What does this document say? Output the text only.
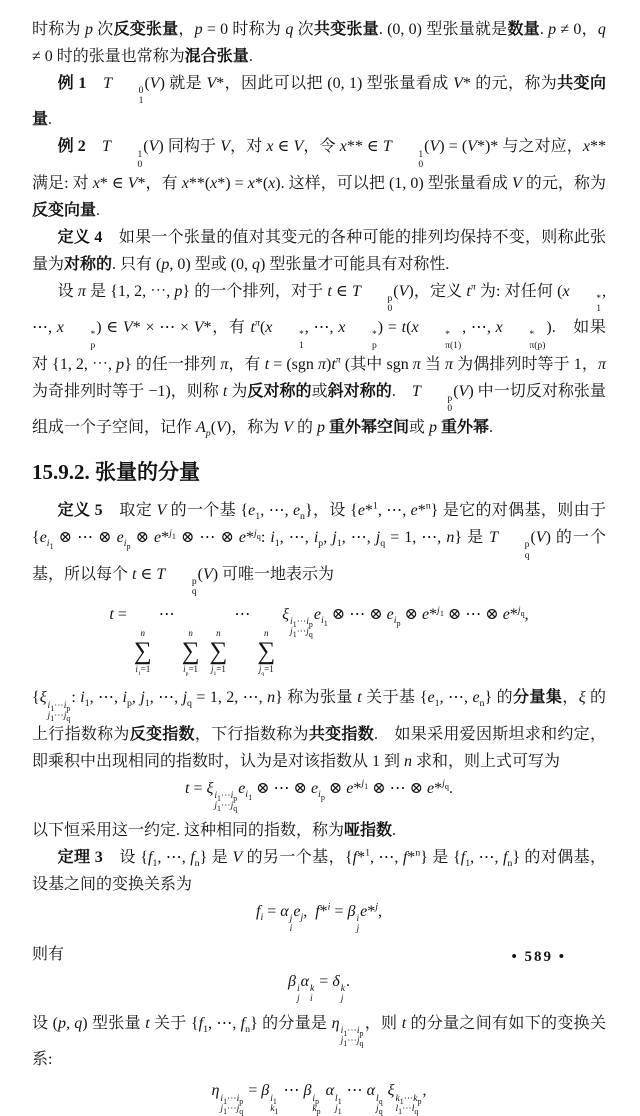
时称为 p 次反变张量，p = 0 时称为 q 次共变张量. (0, 0) 型张量就是数量. p ≠ 0，q ≠ 0 时的张量也常称为混合张量.
例 1　 T	0
1
(V) 就是 V*，因此可以把 (0, 1) 型张量看成 V* 的元，称为共变向量.
例 2　 T	1
0
(V) 同构于 V，对 x ∈ V，令 x** ∈ T	1
0
(V) = (V*)* 与之对应，x** 满足: 对 x* ∈ V*，有 x**(x*) = x*(x). 这样，可以把 (1, 0) 型张量看成 V 的元，称为反变向量.
定义 4　如果一个张量的值对其变元的各种可能的排列均保持不变，则称此张量为对称的. 只有 (p, 0) 型或 (0, q) 型张量才可能具有对称性.
设 π 是 {1, 2, ⋯, p} 的一个排列，对于 t ∈ T	p
0
(V)，定义 $t^\pi$ 为: 对任何 (x	*
1
, ⋯, x	*
p
) ∈ V* × ⋯ × V*，有 $t^\pi(x$	*
1
, ⋯, x	*
p
) = t(x	*
π(1)
, ⋯, x	*
π(p)
).　如果对 {1, 2, ⋯, p} 的任一排列 π，有 t = (sgn $\pi)t^\pi$ (其中 sgn π 当 π 为偶排列时等于 1，π 为奇排列时等于 −1)，则称 t 为反对称的或斜对称的.　T	p
0
(V) 中一切反对称张量组成一个子空间，记作 $A_p(V)$，称为 V 的 p 重外幂空间或 p 重外幂.
15.9.2. 张量的分量
定义 5　取定 V 的一个基 {$e_1$, ⋯, $e_n$}，设 {e*$^1$, ⋯, e*$^n$} 是它的对偶基，则由于 {$e_{i_1}$ ⊗ ⋯ ⊗ $e_{i_p}$ ⊗ e*$^{j_1}$ ⊗ ⋯ ⊗ e*$^{j_q}$: $i_1$, ⋯, $i_p$, $j_1$, ⋯, $j_q = 1$, ⋯, n} 是 T	p
q
(V) 的一个基，所以每个 t ∈ T	p
q
(V) 可唯一地表示为
t =
n
∑
$i_1=1$
⋯
n
∑
$i_p=1$

n
∑
$j_1=1$
⋯
n
∑
$j_q=1$
ξ $i_1\cdots i_p$
$j_1\cdots j_q$
$e_{i_1}$ ⊗ ⋯ ⊗ $e_{i_p}$ ⊗ e*$^{j_1}$ ⊗ ⋯ ⊗ e*$^{j_q}$,
{ξ $i_1\cdots i_p$
$j_1\cdots j_q$
: $i_1$, ⋯, $i_p$, $j_1$, ⋯, $j_q = 1$, 2, ⋯, n} 称为张量 t 关于基 {$e_1$, ⋯, $e_n$} 的分量集，ξ 的上行指数称为反变指数，下行指数称为共变指数.　如果采用爱因斯坦求和约定，即乘积中出现相同的指数时，认为是对该指数从 1 到 n 求和，则上式可写为
t = ξ $i_1\cdots i_p$
$j_1\cdots j_q$
$e_{i_1}$ ⊗ ⋯ ⊗ $e_{i_p}$ ⊗ e*$^{j_1}$ ⊗ ⋯ ⊗ e*$^{j_q}$.
以下恒采用这一约定. 这种相同的指数，称为哑指数.
定理 3　设 {$f_1$, ⋯, $f_n$} 是 V 的另一个基，{f*$^1$, ⋯, f*$^n$} 是 {$f_1$, ⋯, $f_n$} 的对偶基，设基之间的变换关系为
$f_i = \alpha$ j
i
$e_j$,  f*$^i$ = β i
j
e*$^j$,
则有
β i
j
α k
i
= δ k
j
.
设 (p, q) 型张量 t 关于 {$f_1$, ⋯, $f_n$} 的分量是 η $i_1\cdots i_p$
$j_1\cdots j_q$
，则 t 的分量之间有如下的变换关系:
η $i_1\cdots i_p$
$j_1\cdots j_q$
= β $i_1$
$k_1$
⋯ β $i_p$
$k_p$
α $l_1$
$j_1$
⋯ α $l_q$
$j_q$
ξ $k_1\cdots k_p$
$l_1\cdots l_q$
,
• 589 •
